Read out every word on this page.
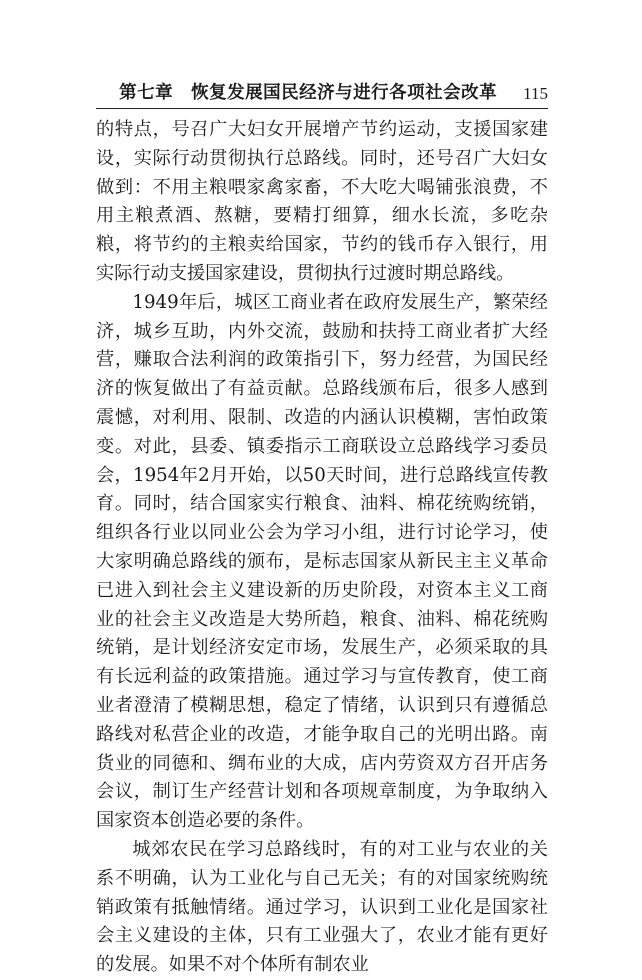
第七章　恢复发展国民经济与进行各项社会改革 115

的特点，号召广大妇女开展增产节约运动，支援国家建设，实际行动贯彻执行总路线。同时，还号召广大妇女做到：不用主粮喂家禽家畜，不大吃大喝铺张浪费，不用主粮煮酒、熬糖，要精打细算，细水长流，多吃杂粮，将节约的主粮卖给国家，节约的钱币存入银行，用实际行动支援国家建设，贯彻执行过渡时期总路线。

1949年后，城区工商业者在政府发展生产，繁荣经济，城乡互助，内外交流，鼓励和扶持工商业者扩大经营，赚取合法利润的政策指引下，努力经营，为国民经济的恢复做出了有益贡献。总路线颁布后，很多人感到震憾，对利用、限制、改造的内涵认识模糊，害怕政策变。对此，县委、镇委指示工商联设立总路线学习委员会，1954年2月开始，以50天时间，进行总路线宣传教育。同时，结合国家实行粮食、油料、棉花统购统销，组织各行业以同业公会为学习小组，进行讨论学习，使大家明确总路线的颁布，是标志国家从新民主主义革命已进入到社会主义建设新的历史阶段，对资本主义工商业的社会主义改造是大势所趋，粮食、油料、棉花统购统销，是计划经济安定市场，发展生产，必须采取的具有长远利益的政策措施。通过学习与宣传教育，使工商业者澄清了模糊思想，稳定了情绪，认识到只有遵循总路线对私营企业的改造，才能争取自己的光明出路。南货业的同德和、绸布业的大成，店内劳资双方召开店务会议，制订生产经营计划和各项规章制度，为争取纳入国家资本创造必要的条件。

城郊农民在学习总路线时，有的对工业与农业的关系不明确，认为工业化与自己无关；有的对国家统购统销政策有抵触情绪。通过学习，认识到工业化是国家社会主义建设的主体，只有工业强大了，农业才能有更好的发展。如果不对个体所有制农业
